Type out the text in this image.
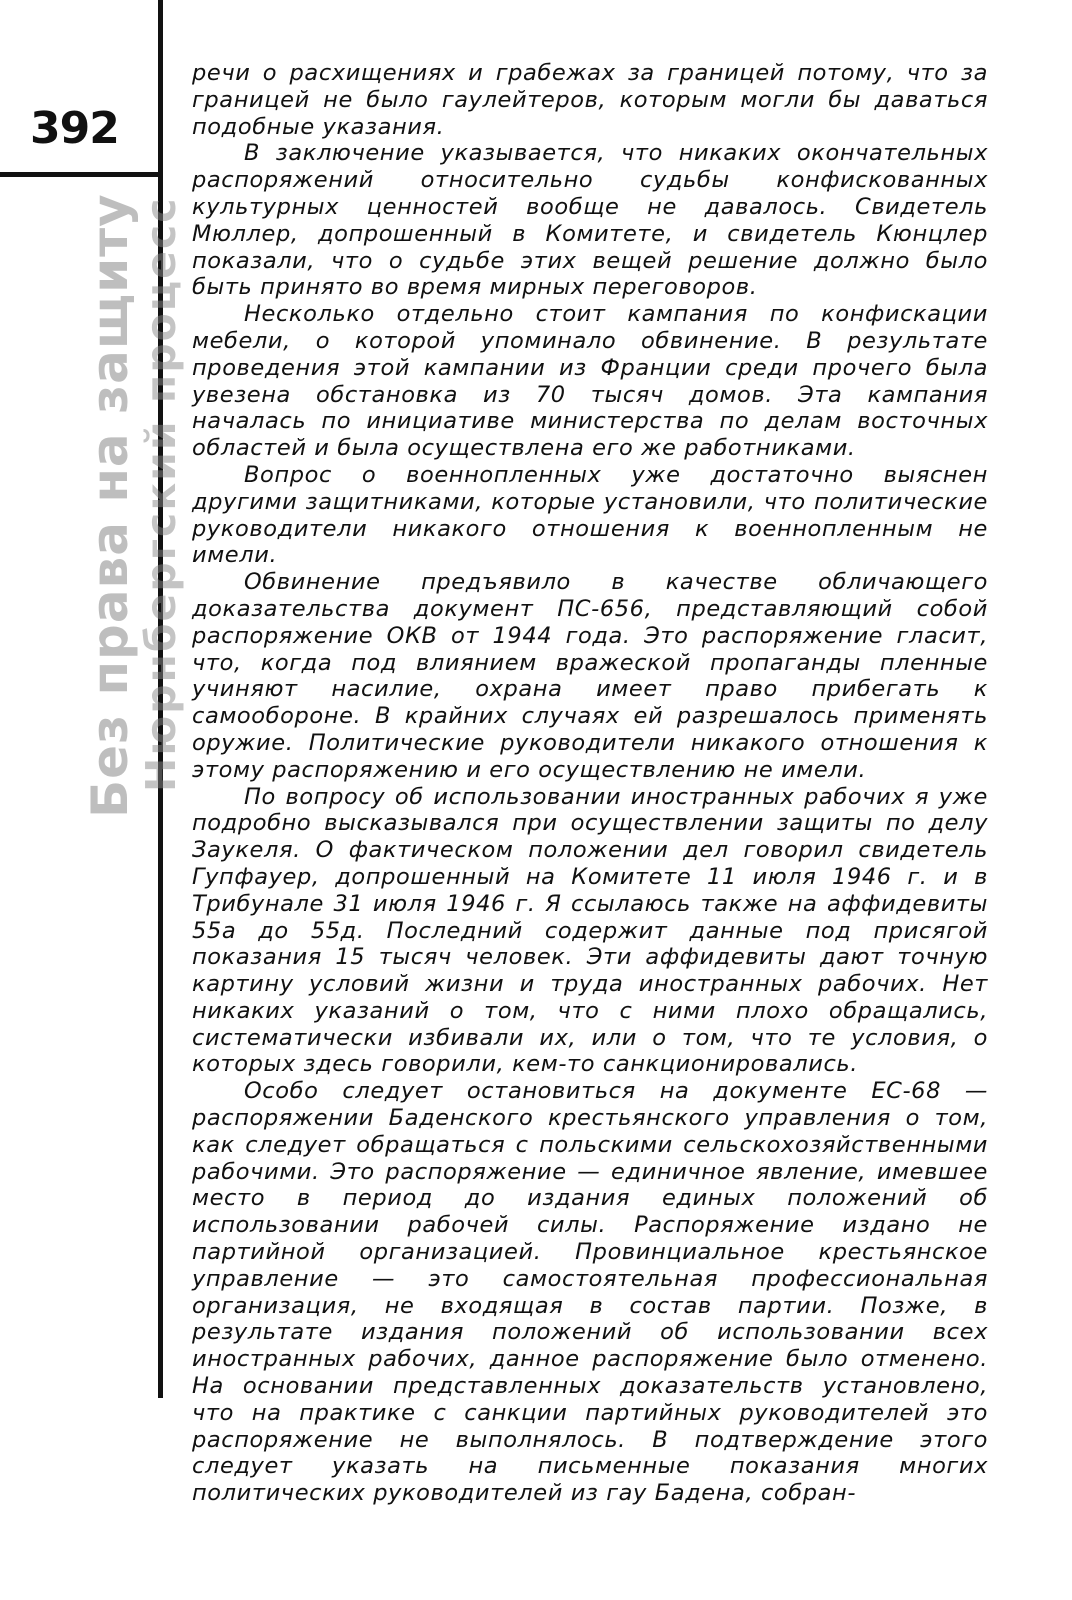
392
Без права на защиту
Нюрнбергский процесс

речи о расхищениях и грабежах за границей потому, что за границей не было гаулейтеров, которым могли бы даваться подобные указания.

В заключение указывается, что никаких окончательных распоряжений относительно судьбы конфискованных культурных ценностей вообще не давалось. Свидетель Мюллер, допрошенный в Комитете, и свидетель Кюнцлер показали, что о судьбе этих вещей решение должно было быть принято во время мирных переговоров.

Несколько отдельно стоит кампания по конфискации мебели, о которой упоминало обвинение. В результате проведения этой кампании из Франции среди прочего была увезена обстановка из 70 тысяч домов. Эта кампания началась по инициативе министерства по делам восточных областей и была осуществлена его же работниками.

Вопрос о военнопленных уже достаточно выяснен другими защитниками, которые установили, что политические руководители никакого отношения к военнопленным не имели.

Обвинение предъявило в качестве обличающего доказательства документ ПС-656, представляющий собой распоряжение ОКВ от 1944 года. Это распоряжение гласит, что, когда под влиянием вражеской пропаганды пленные учиняют насилие, охрана имеет право прибегать к самообороне. В крайних случаях ей разрешалось применять оружие. Политические руководители никакого отношения к этому распоряжению и его осуществлению не имели.

По вопросу об использовании иностранных рабочих я уже подробно высказывался при осуществлении защиты по делу Заукеля. О фактическом положении дел говорил свидетель Гупфауер, допрошенный на Комитете 11 июля 1946 г. и в Трибунале 31 июля 1946 г. Я ссылаюсь также на аффидевиты 55а до 55д. Последний содержит данные под присягой показания 15 тысяч человек. Эти аффидевиты дают точную картину условий жизни и труда иностранных рабочих. Нет никаких указаний о том, что с ними плохо обращались, систематически избивали их, или о том, что те условия, о которых здесь говорили, кем-то санкционировались.

Особо следует остановиться на документе ЕС-68 — распоряжении Баденского крестьянского управления о том, как следует обращаться с польскими сельскохозяйственными рабочими. Это распоряжение — единичное явление, имевшее место в период до издания единых положений об использовании рабочей силы. Распоряжение издано не партийной организацией. Провинциальное крестьянское управление — это самостоятельная профессиональная организация, не входящая в состав партии. Позже, в результате издания положений об использовании всех иностранных рабочих, данное распоряжение было отменено. На основании представленных доказательств установлено, что на практике с санкции партийных руководителей это распоряжение не выполнялось. В подтверждение этого следует указать на письменные показания многих политических руководителей из гау Бадена, собран-
